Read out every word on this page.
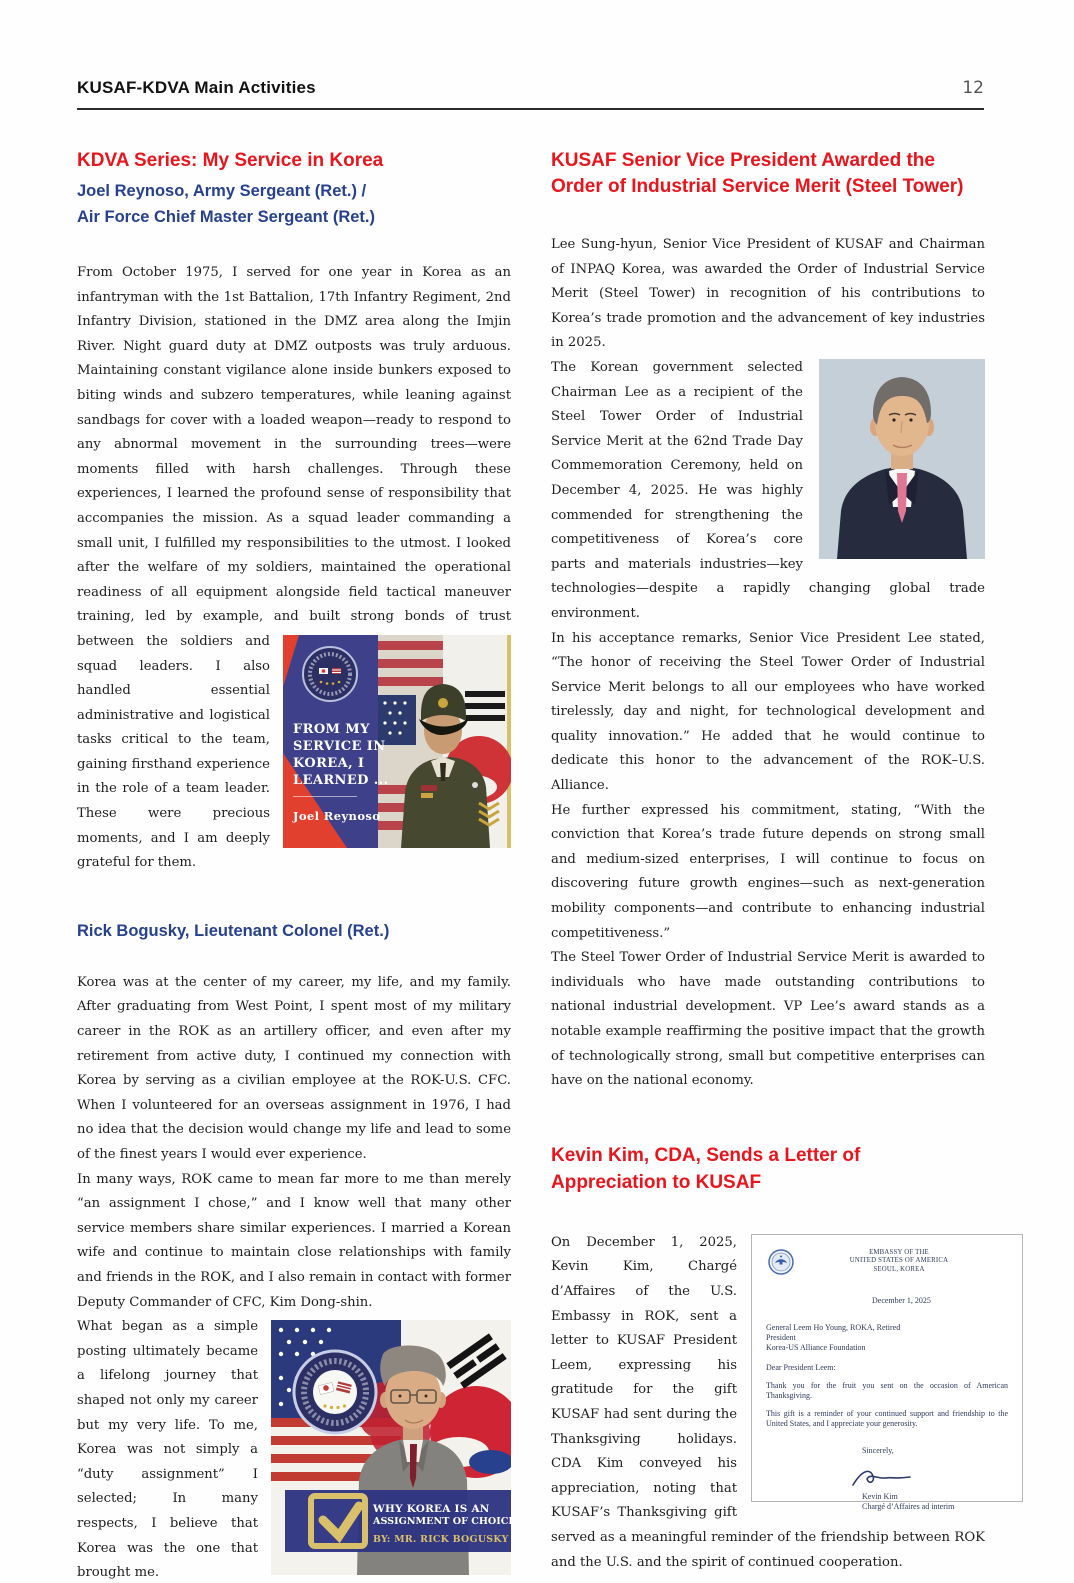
KUSAF-KDVA Main Activities	12
KDVA Series: My Service in Korea
Joel Reynoso, Army Sergeant (Ret.) /
Air Force Chief Master Sergeant (Ret.)

From October 1975, I served for one year in Korea as an infantryman with the 1st Battalion, 17th Infantry Regiment, 2nd Infantry Division, stationed in the DMZ area along the Imjin River. Night guard duty at DMZ outposts was truly arduous. Maintaining constant vigilance alone inside bunkers exposed to biting winds and subzero temperatures, while leaning against sandbags for cover with a loaded weapon—ready to respond to any abnormal movement in the surrounding trees—were moments filled with harsh challenges. Through these experiences, I learned the profound sense of responsibility that accompanies the mission. As a squad leader commanding a small unit, I fulfilled my responsibilities to the utmost. I looked after the welfare of my soldiers, maintained the operational readiness of all equipment alongside field tactical maneuver training, led by example, and built strong bonds of
FROM MY
SERVICE IN
KOREA, I
LEARNED ...
Joel Reynoso
trust between the soldiers and squad leaders. I also handled essential administrative and logistical tasks critical to the team, gaining firsthand experience in the role of a team leader. These were precious moments, and I am deeply grateful for them.

Rick Bogusky, Lieutenant Colonel (Ret.)

Korea was at the center of my career, my life, and my family. After graduating from West Point, I spent most of my military career in the ROK as an artillery officer, and even after my retirement from active duty, I continued my connection with Korea by serving as a civilian employee at the ROK-U.S. CFC. When I volunteered for an overseas assignment in 1976, I had no idea that the decision would change my life and lead to some of the finest years I would ever experience.

In many ways, ROK came to mean far more to me than merely “an assignment I chose,” and I know well that many other service members share similar experiences. I married a Korean wife and continue to maintain close relationships with family and friends in the ROK, and I also remain in contact with former Deputy Commander of CFC, Kim Dong-shin.

WHY KOREA IS AN
ASSIGNMENT OF CHOICE...
BY: MR. RICK BOGUSKY
What began as a simple posting ultimately became a lifelong journey that shaped not only my career but my very life. To me, Korea was not simply a “duty assignment” I selected; In many respects, I believe that Korea was the one that brought me.

KUSAF Senior Vice President Awarded the
Order of Industrial Service Merit (Steel Tower)

Lee Sung-hyun, Senior Vice President of KUSAF and Chairman of INPAQ Korea, was awarded the Order of Industrial Service Merit (Steel Tower) in recognition of his contributions to Korea’s trade promotion and the advancement of key industries in 2025.

The Korean government selected Chairman Lee as a recipient of the Steel Tower Order of Industrial Service Merit at the 62nd Trade Day Commemoration Ceremony, held on December 4, 2025. He was highly commended for strengthening the competitiveness of Korea’s core parts and materials industries—key technologies—despite a rapidly changing global trade environment.

In his acceptance remarks, Senior Vice President Lee stated, “The honor of receiving the Steel Tower Order of Industrial Service Merit belongs to all our employees who have worked tirelessly, day and night, for technological development and quality innovation.” He added that he would continue to dedicate this honor to the advancement of the ROK–U.S. Alliance.

He further expressed his commitment, stating, “With the conviction that Korea’s trade future depends on strong small and medium-sized enterprises, I will continue to focus on discovering future growth engines—such as next-generation mobility components—and contribute to enhancing industrial competitiveness.”

The Steel Tower Order of Industrial Service Merit is awarded to individuals who have made outstanding contributions to national industrial development. VP Lee’s award stands as a notable example reaffirming the positive impact that the growth of technologically strong, small but competitive enterprises can have on the national economy.

Kevin Kim, CDA, Sends a Letter of
Appreciation to KUSAF

EMBASSY OF THE
UNITED STATES OF AMERICA
SEOUL, KOREA
December 1, 2025
General Leem Ho Young, ROKA, Retired
President
Korea-US Alliance Foundation
Dear President Leem:
Thank you for the fruit you sent on the occasion of American Thanksgiving.
This gift is a reminder of your continued support and friendship to the United States, and I appreciate your generosity.
Sincerely,
Kevin Kim
Chargé d’Affaires ad interim
On December 1, 2025, Kevin Kim, Chargé d’Affaires of the U.S. Embassy in ROK, sent a letter to KUSAF President Leem, expressing his gratitude for the gift KUSAF had sent during the Thanksgiving holidays. CDA Kim conveyed his appreciation, noting that KUSAF’s Thanksgiving gift served as a meaningful reminder of the friendship between ROK and the U.S. and the spirit of continued cooperation.
